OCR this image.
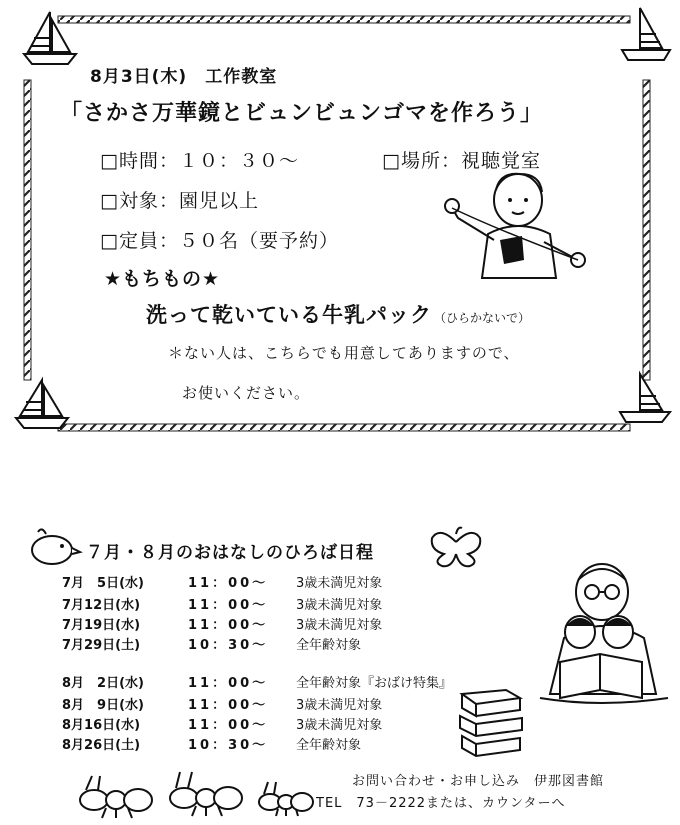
8月3日(木)　工作教室
「さかさ万華鏡とビュンビュンゴマを作ろう」
□時間：１０：３０～	□場所：視聴覚室
□対象：園児以上
□定員：５０名（要予約）
★もちもの★
洗って乾いている牛乳パック （ひらかないで）
＊ない人は、こちらでも用意してありますので、
お使いください。
７月・８月のおはなしのひろば日程
7月　5日(水)	11：00～ 3歳未満児対象
7月12日(水)	11：00～ 3歳未満児対象
7月19日(水)	11：00～ 3歳未満児対象
7月29日(土)	10：30～ 全年齢対象
8月　2日(水)	11：00～ 全年齢対象『おばけ特集』
8月　9日(水)	11：00～ 3歳未満児対象
8月16日(水)	11：00～ 3歳未満児対象
8月26日(土)	10：30～ 全年齢対象
お問い合わせ・お申し込み　伊那図書館
TEL　73－2222または、カウンターへ
